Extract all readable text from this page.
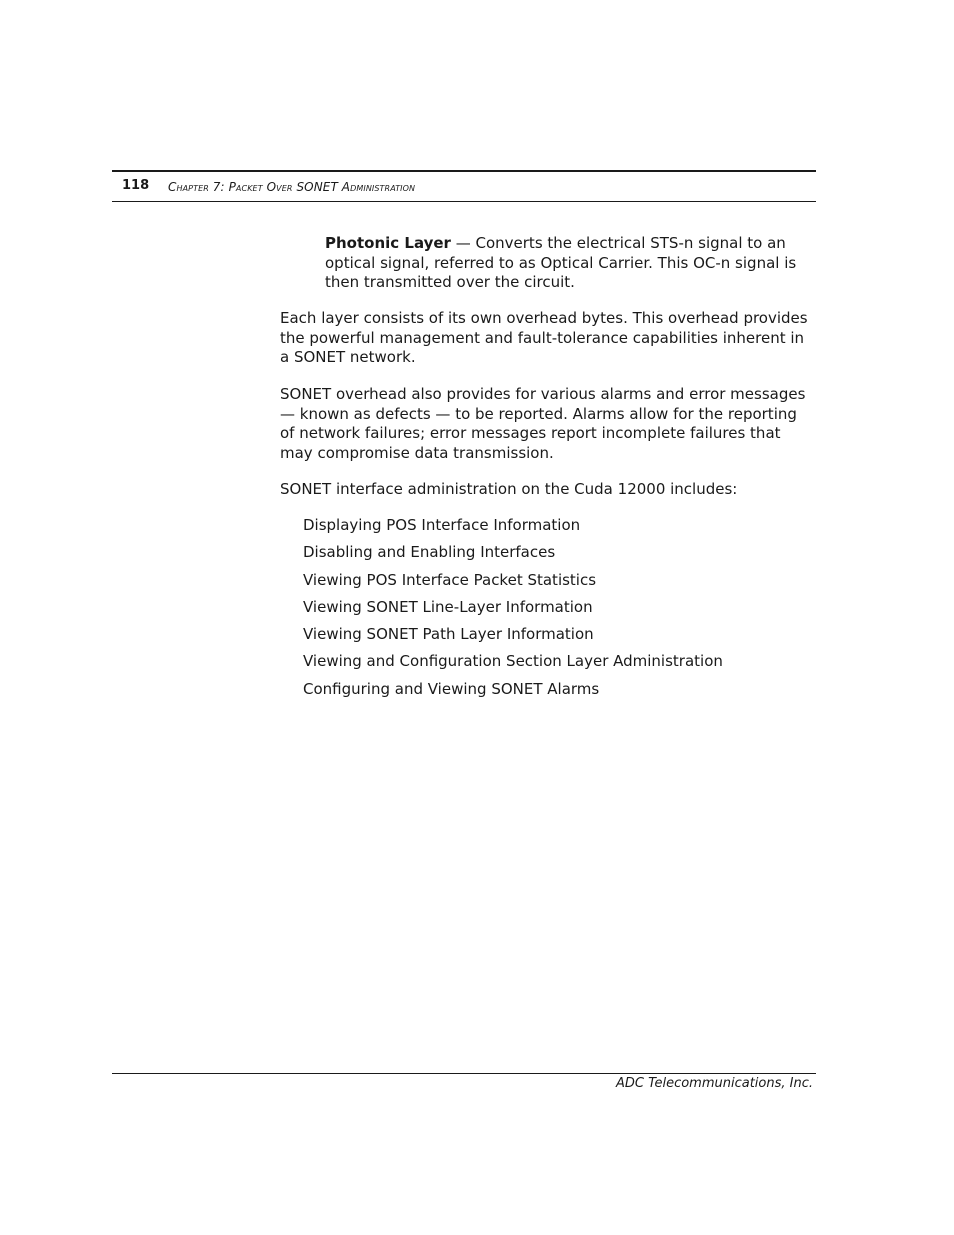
118 Chapter 7: Packet Over SONET Administration

Photonic Layer — Converts the electrical STS-n signal to an optical signal, referred to as Optical Carrier. This OC-n signal is then transmitted over the circuit.

Each layer consists of its own overhead bytes. This overhead provides the powerful management and fault-tolerance capabilities inherent in a SONET network.

SONET overhead also provides for various alarms and error messages — known as defects — to be reported. Alarms allow for the reporting of network failures; error messages report incomplete failures that may compromise data transmission.

SONET interface administration on the Cuda 12000 includes:

Displaying POS Interface Information
Disabling and Enabling Interfaces
Viewing POS Interface Packet Statistics
Viewing SONET Line-Layer Information
Viewing SONET Path Layer Information
Viewing and Configuration Section Layer Administration
Configuring and Viewing SONET Alarms
ADC Telecommunications, Inc.
